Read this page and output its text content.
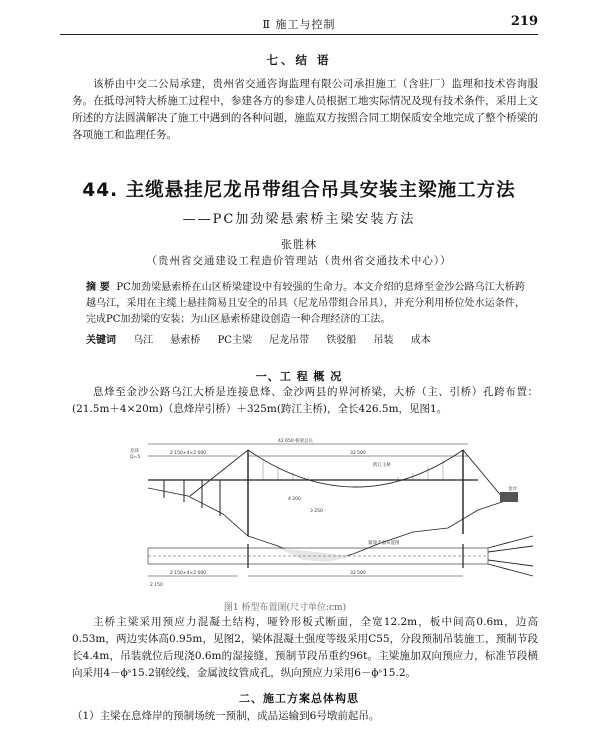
Ⅱ 施工与控制	219
七、结 语
该桥由中交二公局承建，贵州省交通咨询监理有限公司承担施工（含驻厂）监理和技术咨询服务。在抵母河特大桥施工过程中，参建各方的参建人员根据工地实际情况及现有技术条件，采用上文所述的方法圆满解决了施工中遇到的各种问题，施监双方按照合同工期保质安全地完成了整个桥梁的各项施工和监理任务。
44. 主缆悬挂尼龙吊带组合吊具安装主梁施工方法
——PC加劲梁悬索桥主梁安装方法
张胜林
（贵州省交通建设工程造价管理站（贵州省交通技术中心））
摘 要 PC加劲梁悬索桥在山区桥梁建设中有较强的生命力。本文介绍的息烽至金沙公路乌江大桥跨越乌江，采用在主缆上悬挂简易且安全的吊具（尼龙吊带组合吊具），并充分利用桥位处水运条件，完成PC加劲梁的安装；为山区悬索桥建设创造一种合理经济的工法。
关键词 乌江 悬索桥 PC主梁 尼龙吊带 铁驳船 吊装 成本
一、工 程 概 况
息烽至金沙公路乌江大桥是连接息烽、金沙两县的界河桥梁，大桥（主、引桥）孔跨布置：(21.5m＋4×20m)（息烽岸引桥）＋325m(跨江主桥)，全长426.5m，见图1。
息烽
Q=5
42 650 桥梁总长
2 150+4×2 000	32 500
跨江主桥
4 200
3 250
金沙
紧凑平面布置图
2 150+4×2 000	32 500
2 150
图1 桥型布置图(尺寸单位:cm)
主桥主梁采用预应力混凝土结构，哑铃形板式断面，全宽12.2m，板中间高0.6m，边高0.53m，两边实体高0.95m，见图2，梁体混凝土强度等级采用C55，分段预制吊装施工，预制节段长4.4m，吊装就位后现浇0.6m的湿接缝，预制节段吊重约96t。主梁施加双向预应力，标准节段横向采用4－ϕˢ15.2钢绞线，金属波纹管成孔，纵向预应力采用6－ϕˢ15.2。
二、施工方案总体构思
（1）主梁在息烽岸的预制场统一预制，成品运输到6号墩前起吊。
